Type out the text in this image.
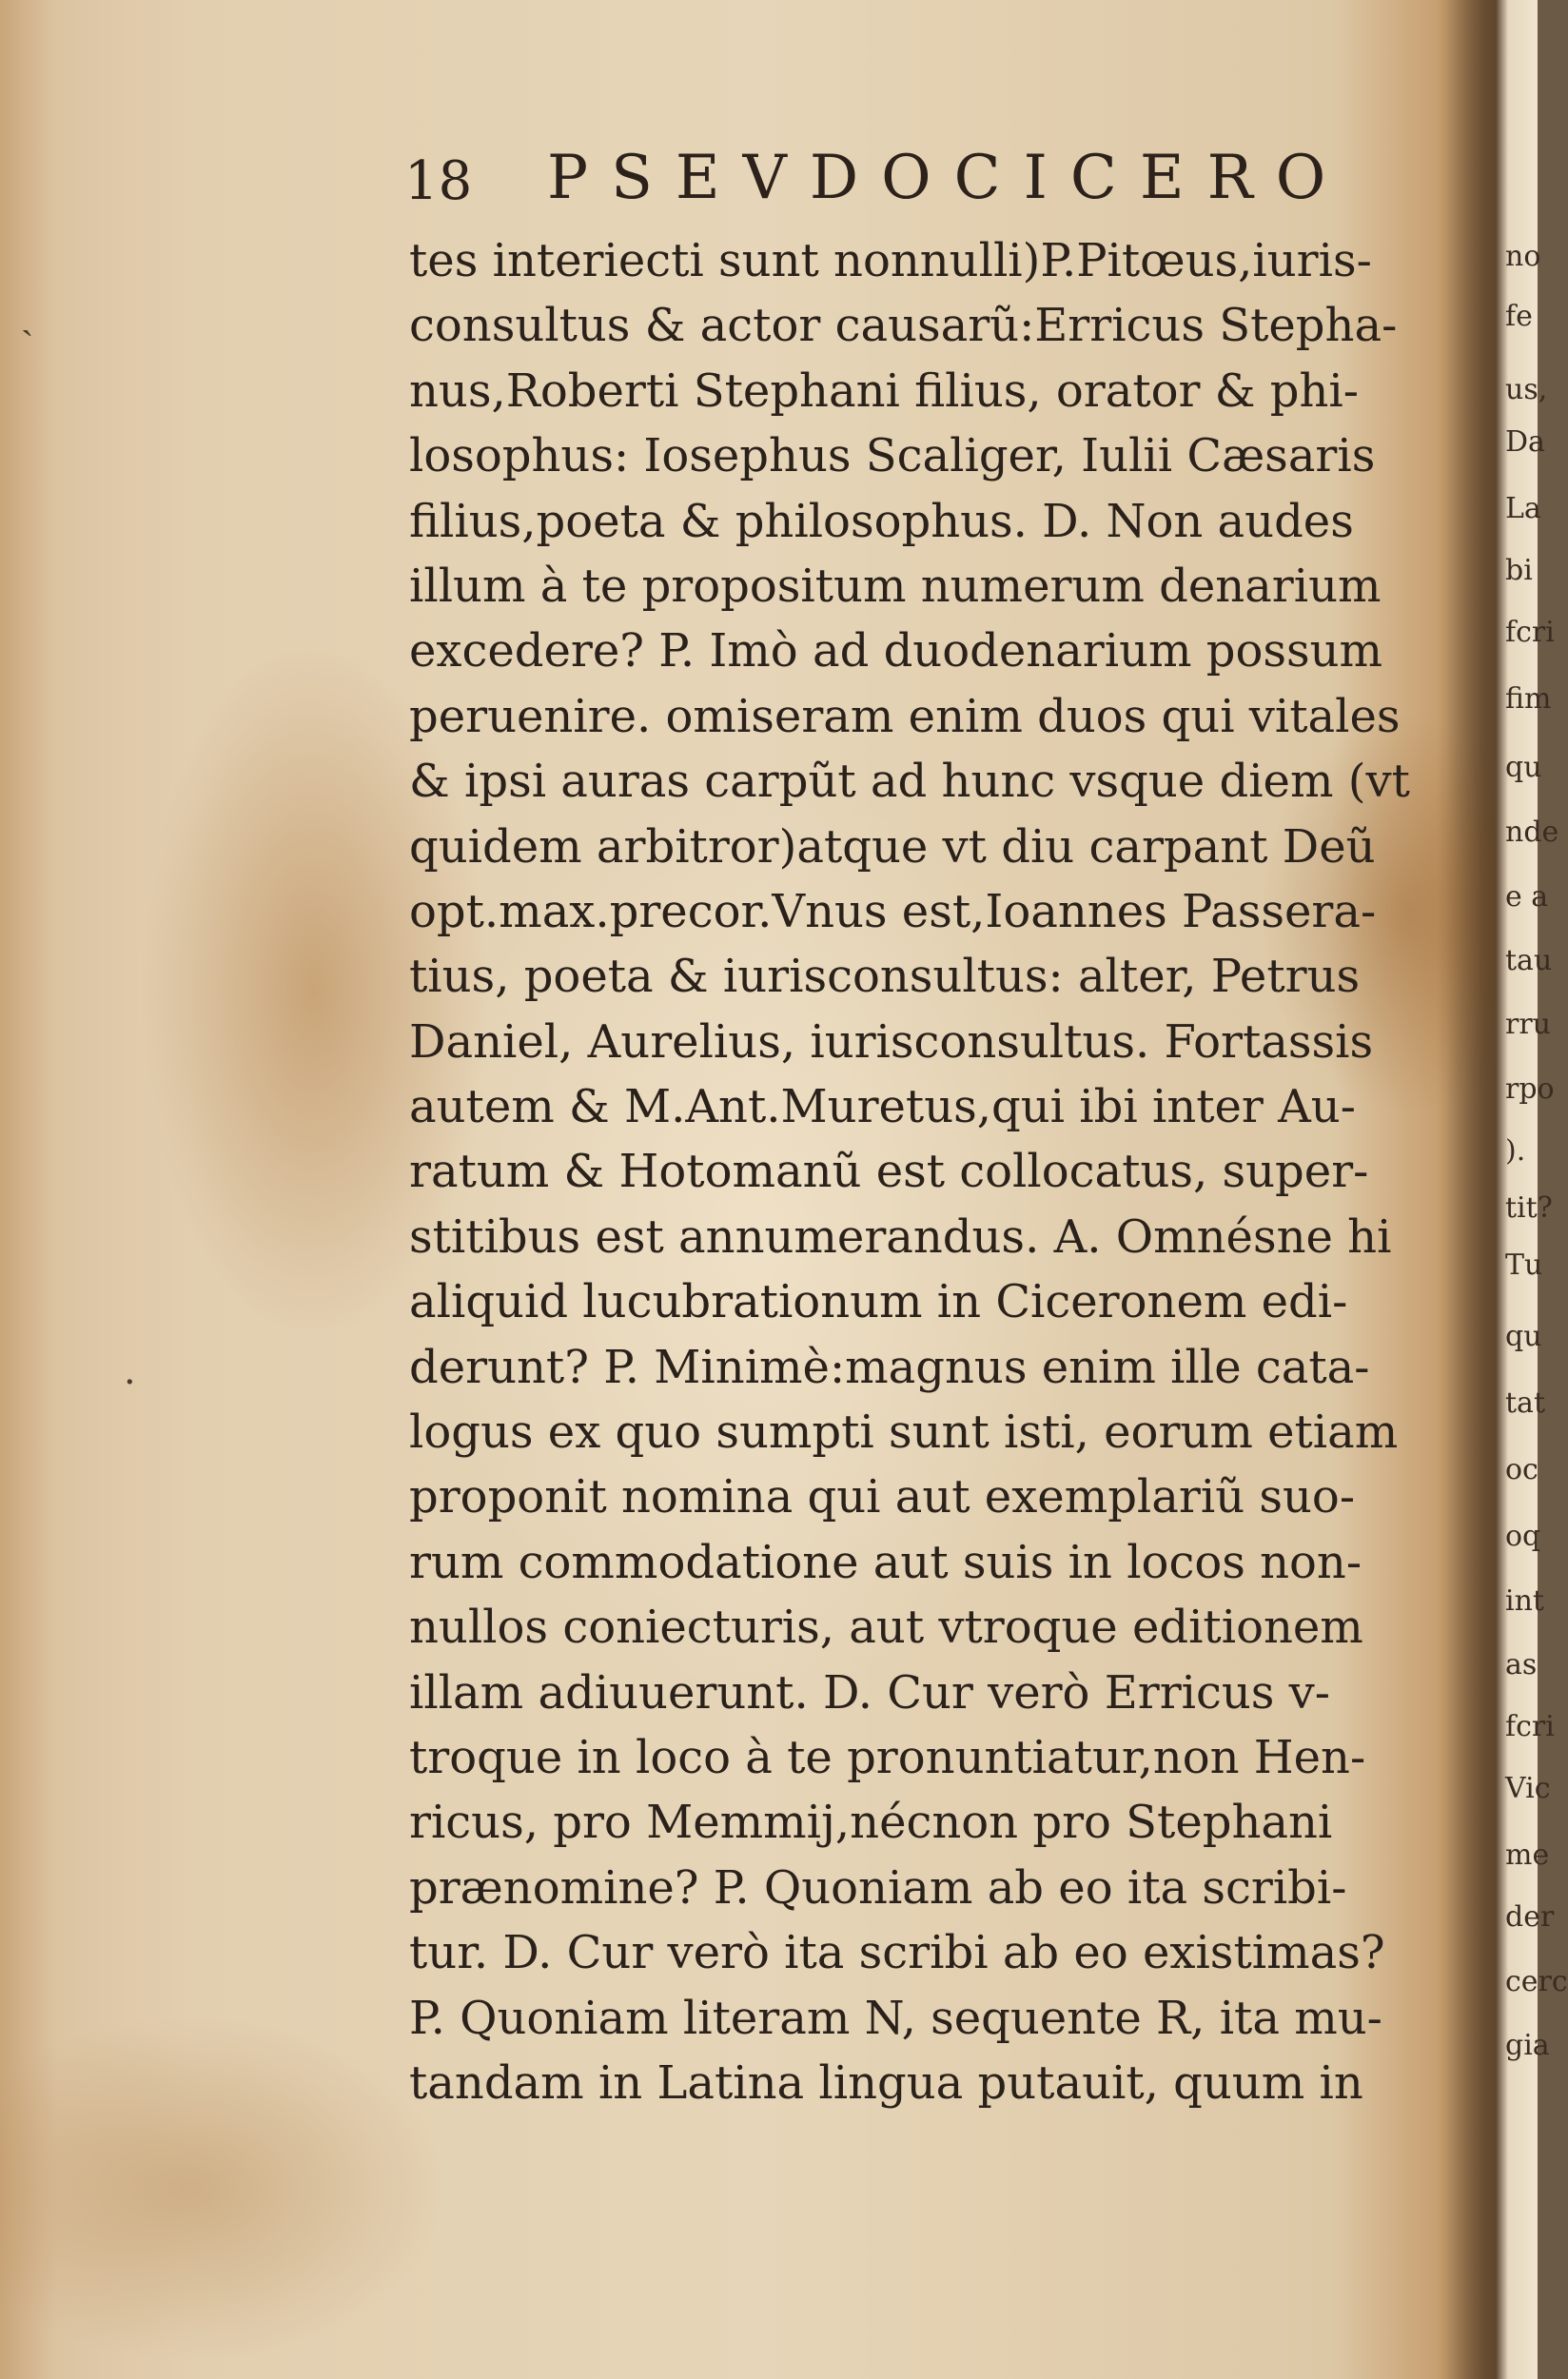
no
fe
us,
Da
La
bi
fcri
fim
qu
nde
e a
tau
rru
rpo
).
tit?
Tu
qu
tat
oc
oq
int
as
fcri
Vic
me
der
cerc
gia
˴
·
18 PSEVDOCICERO
tes interiecti sunt nonnulli)P.Pitœus,iuris-
consultus & actor causarũ:Erricus Stepha-
nus,Roberti Stephani filius, orator & phi-
losophus: Iosephus Scaliger, Iulii Cæsaris
filius,poeta & philosophus. D. Non audes
illum à te propositum numerum denarium
excedere? P. Imò ad duodenarium possum
peruenire. omiseram enim duos qui vitales
& ipsi auras carpũt ad hunc vsque diem (vt
quidem arbitror)atque vt diu carpant Deũ
opt.max.precor.Vnus est,Ioannes Passera-
tius, poeta & iurisconsultus: alter, Petrus
Daniel, Aurelius, iurisconsultus. Fortassis
autem & M.Ant.Muretus,qui ibi inter Au-
ratum & Hotomanũ est collocatus, super-
stitibus est annumerandus. A. Omnésne hi
aliquid lucubrationum in Ciceronem edi-
derunt? P. Minimè:magnus enim ille cata-
logus ex quo sumpti sunt isti, eorum etiam
proponit nomina qui aut exemplariũ suo-
rum commodatione aut suis in locos non-
nullos coniecturis, aut vtroque editionem
illam adiuuerunt. D. Cur verò Erricus v-
troque in loco à te pronuntiatur,non Hen-
ricus, pro Memmij,nécnon pro Stephani
prænomine? P. Quoniam ab eo ita scribi-
tur. D. Cur verò ita scribi ab eo existimas?
P. Quoniam literam N, sequente R, ita mu-
tandam in Latina lingua putauit, quum in
